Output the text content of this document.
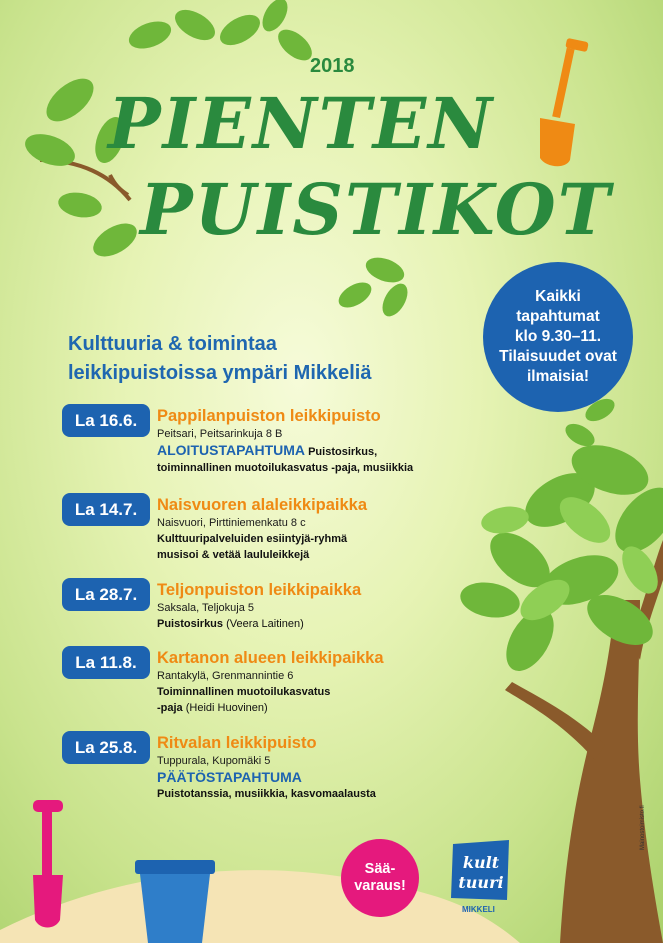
2018
PIENTEN
PUISTIKOT
Kulttuuria & toimintaa
leikkipuistoissa ympäri Mikkeliä
Kaikki
tapahtumat
klo 9.30–11.
Tilaisuudet ovat
ilmaisia!
La 16.6.	Pappilanpuiston leikkipuisto
Peitsari, Peitsarinkuja 8 B
ALOITUSTAPAHTUMA Puistosirkus,
toiminnallinen muotoilukasvatus -paja, musiikkia
La 14.7.	Naisvuoren alaleikkipaikka
Naisvuori, Pirttiniemenkatu 8 c
Kulttuuripalveluiden esiintyjä-ryhmä
musisoi & vetää laululeikkejä
La 28.7.	Teljonpuiston leikkipaikka
Saksala, Teljokuja 5
Puistosirkus (Veera Laitinen)
La 11.8.	Kartanon alueen leikkipaikka
Rantakylä, Grenmannintie 6
Toiminnallinen muotoilukasvatus
-paja (Heidi Huovinen)
La 25.8.	Ritvalan leikkipuisto
Tuppurala, Kupomäki 5
PÄÄTÖSTAPAHTUMA
Puistotanssia, musiikkia, kasvomaalausta
Sää-
varaus!
kult
tuuri
MIKKELI
Mainostoimisto.fi
